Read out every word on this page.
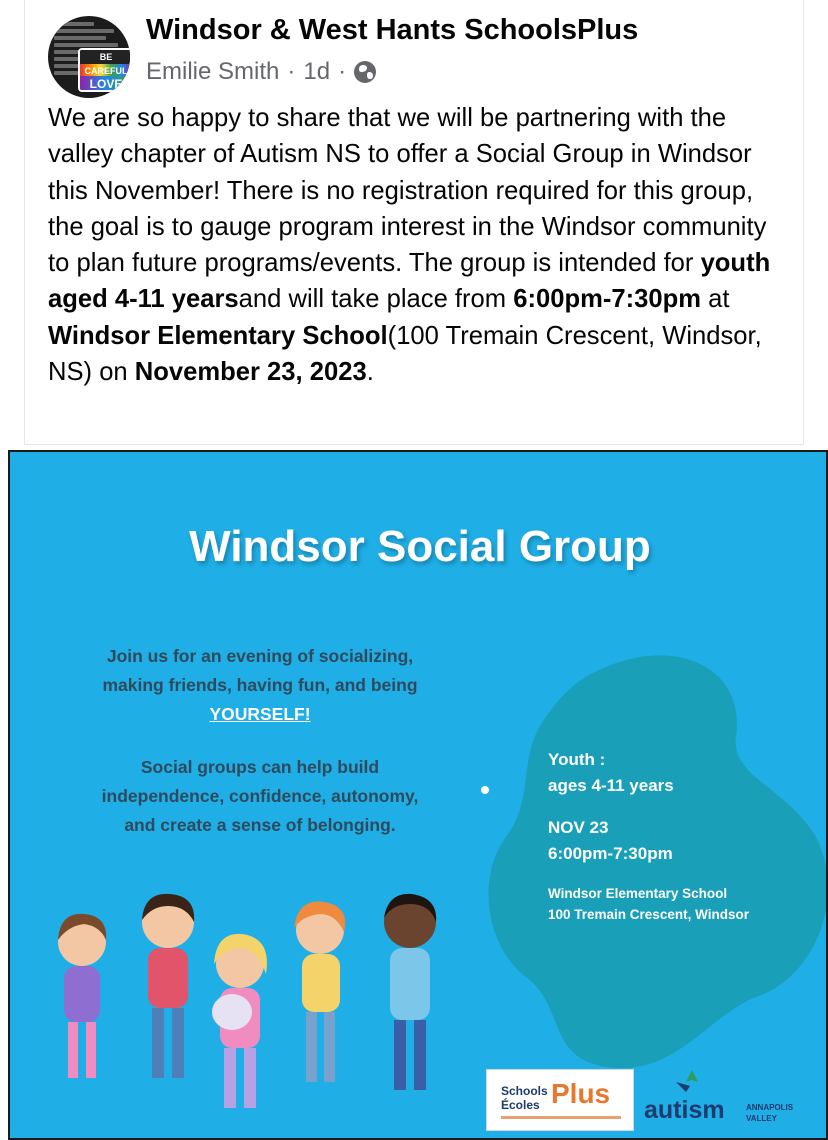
BE CAREFUL
LOVE
Windsor & West Hants SchoolsPlus
Emilie Smith · 1d ·
We are so happy to share that we will be partnering with the valley chapter of Autism NS to offer a Social Group in Windsor this November! There is no registration required for this group, the goal is to gauge program interest in the Windsor community to plan future programs/events. The group is intended for youth aged 4-11 yearsand will take place from 6:00pm-7:30pm at Windsor Elementary School(100 Tremain Crescent, Windsor, NS) on November 23, 2023.
Windsor Social Group

Join us for an evening of socializing,
making friends, having fun, and being
YOURSELF!

Social groups can help build
independence, confidence, autonomy,
and create a sense of belonging.

Youth :
ages 4-11 years
NOV 23
6:00pm-7:30pm
Windsor Elementary School
100 Tremain Crescent, Windsor
Schools
Écoles Plus
autism	ANNAPOLIS
VALLEY
